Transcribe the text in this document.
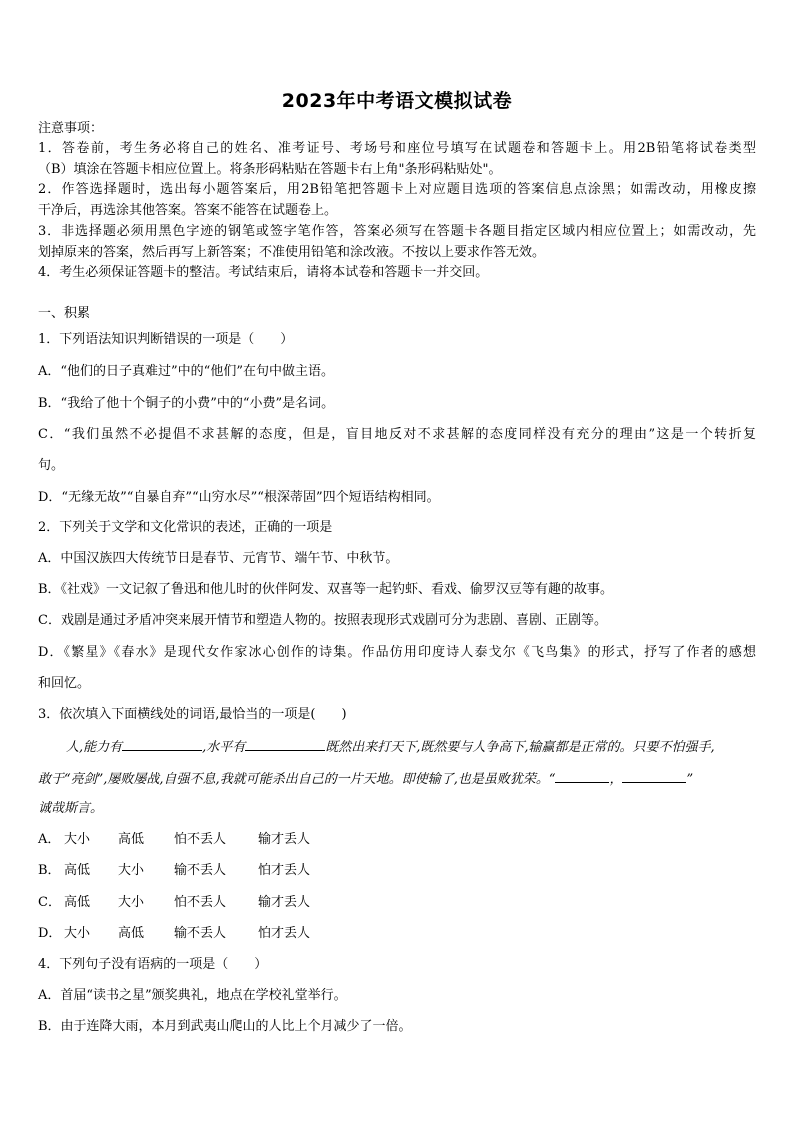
2023年中考语文模拟试卷
注意事项：
1．答卷前，考生务必将自己的姓名、准考证号、考场号和座位号填写在试题卷和答题卡上。用2B铅笔将试卷类型
（B）填涂在答题卡相应位置上。将条形码粘贴在答题卡右上角"条形码粘贴处"。
2．作答选择题时，选出每小题答案后，用2B铅笔把答题卡上对应题目选项的答案信息点涂黑；如需改动，用橡皮擦
干净后，再选涂其他答案。答案不能答在试题卷上。
3．非选择题必须用黑色字迹的钢笔或签字笔作答，答案必须写在答题卡各题目指定区域内相应位置上；如需改动，先
划掉原来的答案，然后再写上新答案；不准使用铅笔和涂改液。不按以上要求作答无效。
4．考生必须保证答题卡的整洁。考试结束后，请将本试卷和答题卡一并交回。
一、积累
1．下列语法知识判断错误的一项是（　　）
A．“他们的日子真难过”中的“他们”在句中做主语。
B．“我给了他十个铜子的小费”中的“小费”是名词。
C．“我们虽然不必提倡不求甚解的态度，但是，盲目地反对不求甚解的态度同样没有充分的理由”这是一个转折复
句。
D．“无缘无故”“自暴自弃”“山穷水尽”“根深蒂固”四个短语结构相同。
2．下列关于文学和文化常识的表述，正确的一项是
A．中国汉族四大传统节日是春节、元宵节、端午节、中秋节。
B．《社戏》一文记叙了鲁迅和他儿时的伙伴阿发、双喜等一起钓虾、看戏、偷罗汉豆等有趣的故事。
C．戏剧是通过矛盾冲突来展开情节和塑造人物的。按照表现形式戏剧可分为悲剧、喜剧、正剧等。
D．《繁星》《春水》是现代女作家冰心创作的诗集。作品仿用印度诗人泰戈尔《飞鸟集》的形式，抒写了作者的感想
和回忆。
3．依次填入下面横线处的词语,最恰当的一项是(　　)
人,能力有	,水平有	既然出来打天下,既然要与人争高下,输赢都是正常的。只要不怕强手,
敢于“亮剑”,屡败屡战,自强不息,我就可能杀出自己的一片天地。即使输了,也是虽败犹荣。“	，	”
诚哉斯言。
A． 大小 高低 怕不丢人 输才丢人
B． 高低 大小 输不丢人 怕才丢人
C． 高低 大小 怕不丢人 输才丢人
D． 大小 高低 输不丢人 怕才丢人
4．下列句子没有语病的一项是（　　）
A．首届“读书之星”颁奖典礼，地点在学校礼堂举行。
B．由于连降大雨，本月到武夷山爬山的人比上个月减少了一倍。
